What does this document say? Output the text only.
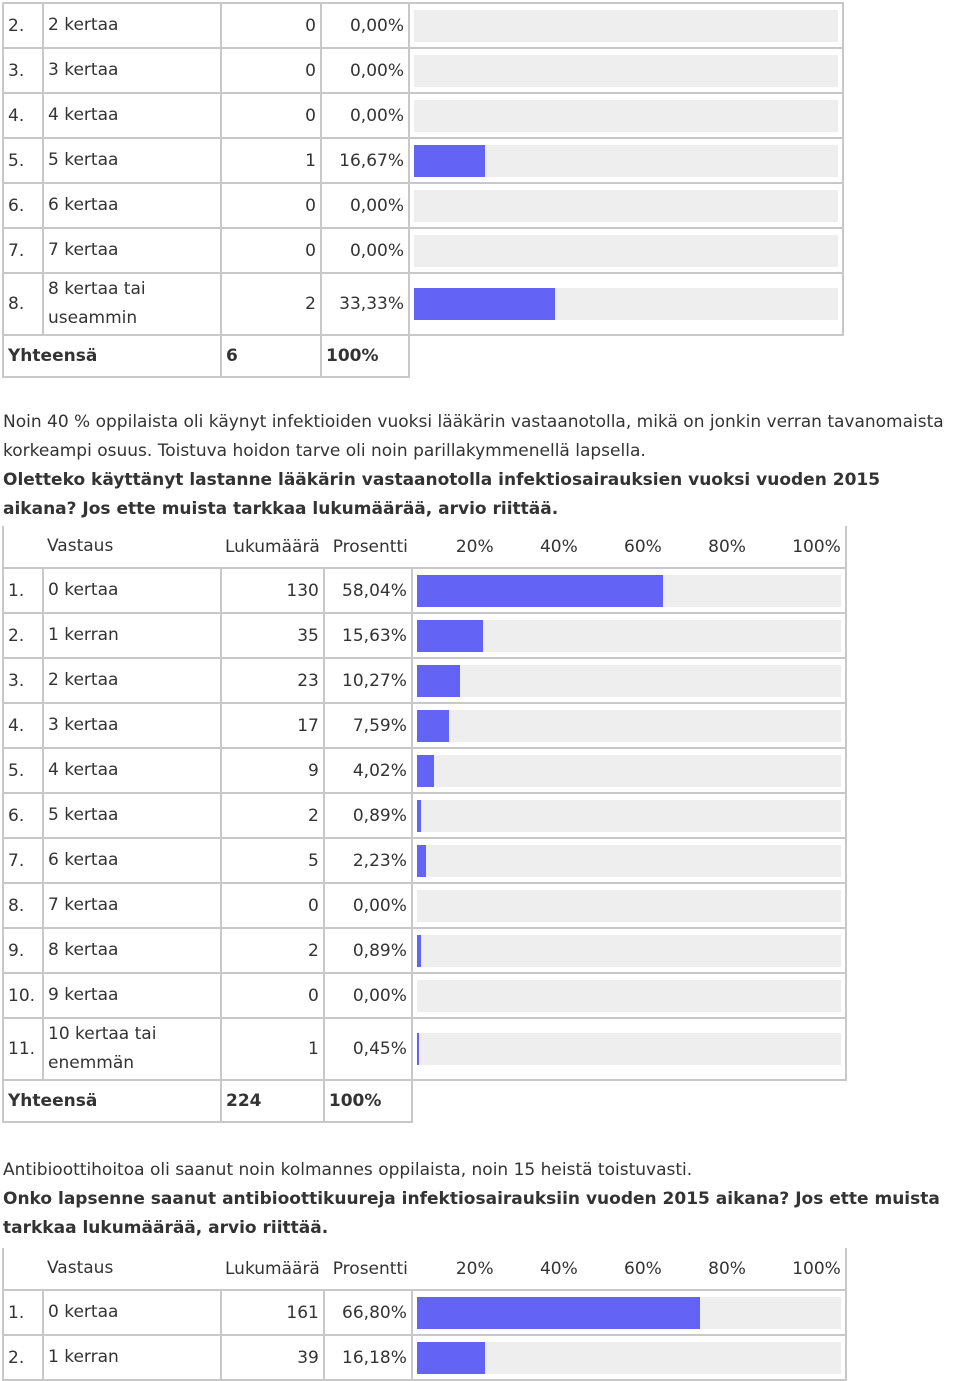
2.	2 kertaa	0	0,00%	

3.	3 kertaa	0	0,00%	

4.	4 kertaa	0	0,00%	

5.	5 kertaa	1	16,67%	

6.	6 kertaa	0	0,00%	

7.	7 kertaa	0	0,00%	

8.	8 kertaa tai useammin	2	33,33%	

Yhteensä		6	100%	

Noin 40 % oppilaista oli käynyt infektioiden vuoksi lääkärin vastaanotolla, mikä on jonkin verran tavanomaista korkeampi osuus. Toistuva hoidon tarve oli noin parillakymmenellä lapsella.

Oletteko käyttänyt lastanne lääkärin vastaanotolla infektiosairauksien vuoksi vuoden 2015 aikana? Jos ette muista tarkkaa lukumäärää, arvio riittää.

	Vastaus	Lukumäärä	Prosentti	20% 40% 60% 80% 100%

1.	0 kertaa	130	58,04%	

2.	1 kerran	35	15,63%	

3.	2 kertaa	23	10,27%	

4.	3 kertaa	17	7,59%	

5.	4 kertaa	9	4,02%	

6.	5 kertaa	2	0,89%	

7.	6 kertaa	5	2,23%	

8.	7 kertaa	0	0,00%	

9.	8 kertaa	2	0,89%	

10.	9 kertaa	0	0,00%	

11.	10 kertaa tai enemmän	1	0,45%	

Yhteensä		224	100%	

Antibioottihoitoa oli saanut noin kolmannes oppilaista, noin 15 heistä toistuvasti.

Onko lapsenne saanut antibioottikuureja infektiosairauksiin vuoden 2015 aikana? Jos ette muista tarkkaa lukumäärää, arvio riittää.

	Vastaus	Lukumäärä	Prosentti	20% 40% 60% 80% 100%

1.	0 kertaa	161	66,80%	

2.	1 kerran	39	16,18%	
